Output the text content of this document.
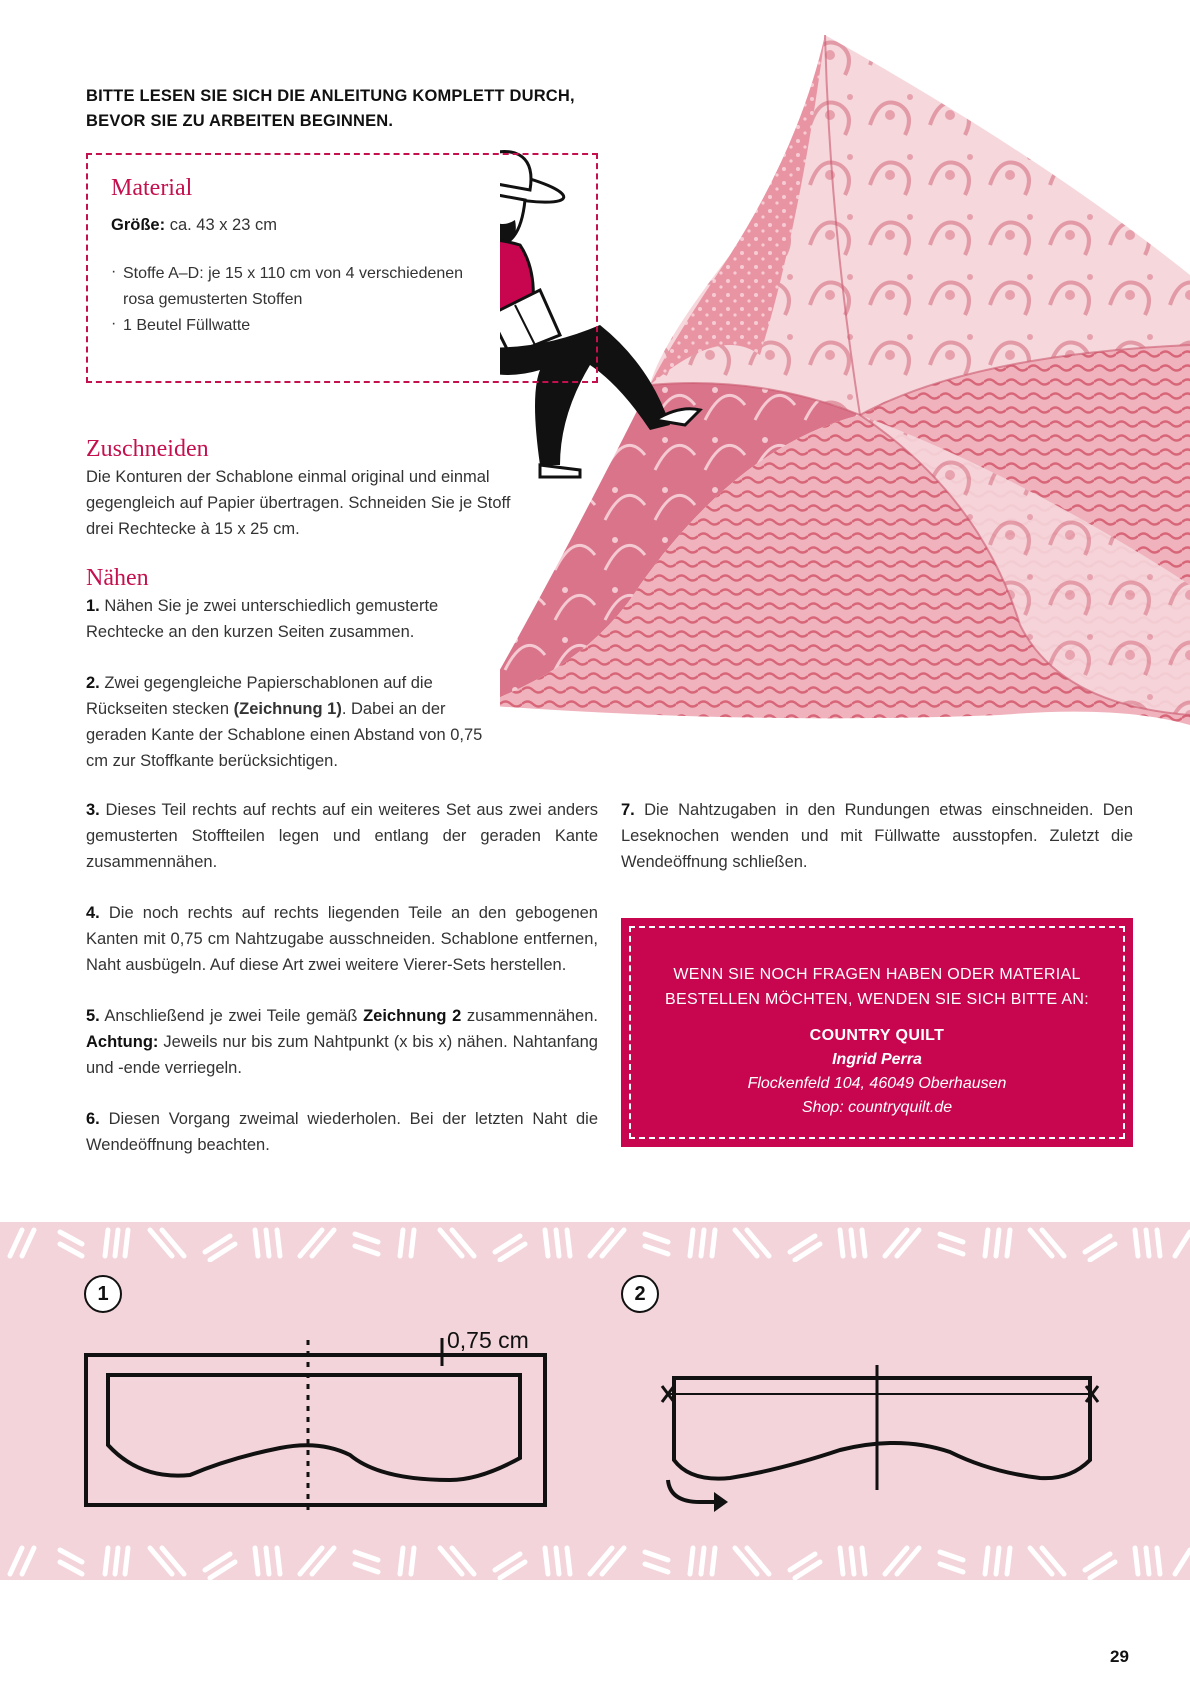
BITTE LESEN SIE SICH DIE ANLEITUNG KOMPLETT DURCH,
BEVOR SIE ZU ARBEITEN BEGINNEN.
Material
Größe: ca. 43 x 23 cm
· Stoffe A–D: je 15 x 110 cm von 4 verschiedenen rosa gemusterten Stoffen
· 1 Beutel Füllwatte
Zuschneiden

Die Konturen der Schablone einmal original und einmal gegengleich auf Papier übertragen. Schneiden Sie je Stoff drei Rechtecke à 15 x 25 cm.

Nähen

1. Nähen Sie je zwei unterschiedlich gemusterte Rechtecke an den kurzen Seiten zusammen.

2. Zwei gegengleiche Papierschablonen auf die Rückseiten stecken (Zeichnung 1). Dabei an der geraden Kante der Schablone einen Abstand von 0,75 cm zur Stoffkante berücksichtigen.

3. Dieses Teil rechts auf rechts auf ein weiteres Set aus zwei anders gemusterten Stoffteilen legen und entlang der geraden Kante zusammennähen.

4. Die noch rechts auf rechts liegenden Teile an den gebogenen Kanten mit 0,75 cm Nahtzugabe ausschneiden. Schablone entfernen, Naht ausbügeln. Auf diese Art zwei weitere Vierer-Sets herstellen.

5. Anschließend je zwei Teile gemäß Zeichnung 2 zusammennähen. Achtung: Jeweils nur bis zum Nahtpunkt (x bis x) nähen. Nahtanfang und -ende verriegeln.

6. Diesen Vorgang zweimal wiederholen. Bei der letzten Naht die Wendeöffnung beachten.

7. Die Nahtzugaben in den Rundungen etwas einschneiden. Den Leseknochen wenden und mit Füllwatte ausstopfen. Zuletzt die Wendeöffnung schließen.

WENN SIE NOCH FRAGEN HABEN ODER MATERIAL BESTELLEN MÖCHTEN, WENDEN SIE SICH BITTE AN:
COUNTRY QUILT
Ingrid Perra
Flockenfeld 104, 46049 Oberhausen
Shop: countryquilt.de
1	2
0,75 cm
29
